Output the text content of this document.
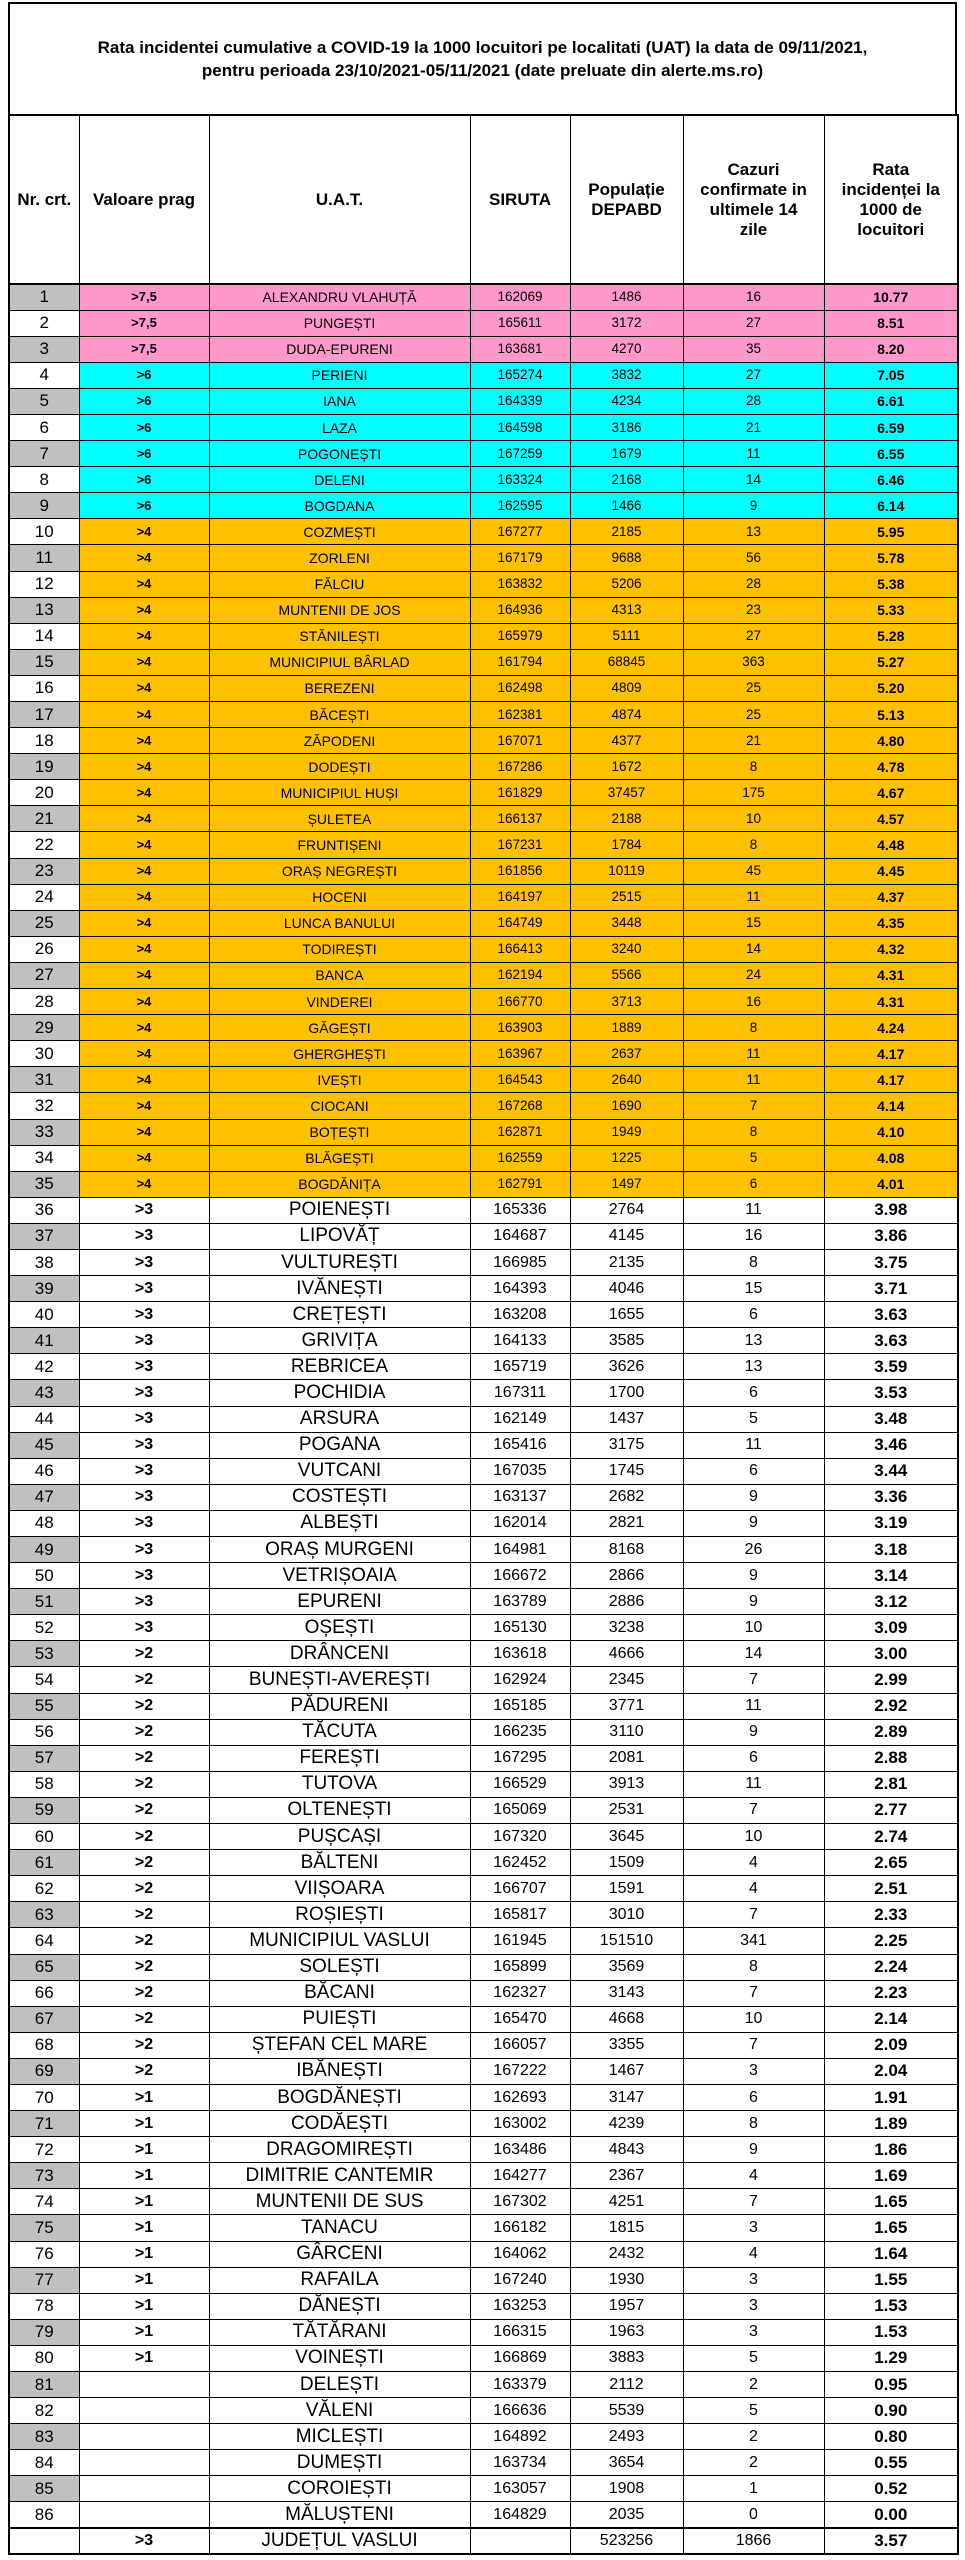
Rata incidentei cumulative a COVID-19 la 1000 locuitori pe localitati (UAT) la data de 09/11/2021,
pentru perioada 23/10/2021-05/11/2021 (date preluate din alerte.ms.ro)
Nr. crt.	Valoare prag	U.A.T.	SIRUTA	Populație
DEPABD	Cazuri
confirmate in
ultimele 14
zile	Rata
incidenței la
1000 de
locuitori
1	>7,5	ALEXANDRU VLAHUȚĂ	162069	1486	16	10.77
2	>7,5	PUNGEȘTI	165611	3172	27	8.51
3	>7,5	DUDA-EPURENI	163681	4270	35	8.20
4	>6	PERIENI	165274	3832	27	7.05
5	>6	IANA	164339	4234	28	6.61
6	>6	LAZA	164598	3186	21	6.59
7	>6	POGONEȘTI	167259	1679	11	6.55
8	>6	DELENI	163324	2168	14	6.46
9	>6	BOGDANA	162595	1466	9	6.14
10	>4	COZMEȘTI	167277	2185	13	5.95
11	>4	ZORLENI	167179	9688	56	5.78
12	>4	FĂLCIU	163832	5206	28	5.38
13	>4	MUNTENII DE JOS	164936	4313	23	5.33
14	>4	STĂNILEȘTI	165979	5111	27	5.28
15	>4	MUNICIPIUL BÂRLAD	161794	68845	363	5.27
16	>4	BEREZENI	162498	4809	25	5.20
17	>4	BĂCEȘTI	162381	4874	25	5.13
18	>4	ZĂPODENI	167071	4377	21	4.80
19	>4	DODEȘTI	167286	1672	8	4.78
20	>4	MUNICIPIUL HUȘI	161829	37457	175	4.67
21	>4	ȘULETEA	166137	2188	10	4.57
22	>4	FRUNTIȘENI	167231	1784	8	4.48
23	>4	ORAȘ NEGREȘTI	161856	10119	45	4.45
24	>4	HOCENI	164197	2515	11	4.37
25	>4	LUNCA BANULUI	164749	3448	15	4.35
26	>4	TODIREȘTI	166413	3240	14	4.32
27	>4	BANCA	162194	5566	24	4.31
28	>4	VINDEREI	166770	3713	16	4.31
29	>4	GĂGEȘTI	163903	1889	8	4.24
30	>4	GHERGHEȘTI	163967	2637	11	4.17
31	>4	IVEȘTI	164543	2640	11	4.17
32	>4	CIOCANI	167268	1690	7	4.14
33	>4	BOȚEȘTI	162871	1949	8	4.10
34	>4	BLĂGEȘTI	162559	1225	5	4.08
35	>4	BOGDĂNIȚA	162791	1497	6	4.01
36	>3	POIENEȘTI	165336	2764	11	3.98
37	>3	LIPOVĂȚ	164687	4145	16	3.86
38	>3	VULTUREȘTI	166985	2135	8	3.75
39	>3	IVĂNEȘTI	164393	4046	15	3.71
40	>3	CREȚEȘTI	163208	1655	6	3.63
41	>3	GRIVIȚA	164133	3585	13	3.63
42	>3	REBRICEA	165719	3626	13	3.59
43	>3	POCHIDIA	167311	1700	6	3.53
44	>3	ARSURA	162149	1437	5	3.48
45	>3	POGANA	165416	3175	11	3.46
46	>3	VUTCANI	167035	1745	6	3.44
47	>3	COSTEȘTI	163137	2682	9	3.36
48	>3	ALBEȘTI	162014	2821	9	3.19
49	>3	ORAȘ MURGENI	164981	8168	26	3.18
50	>3	VETRIȘOAIA	166672	2866	9	3.14
51	>3	EPURENI	163789	2886	9	3.12
52	>3	OȘEȘTI	165130	3238	10	3.09
53	>2	DRÂNCENI	163618	4666	14	3.00
54	>2	BUNEȘTI-AVEREȘTI	162924	2345	7	2.99
55	>2	PĂDURENI	165185	3771	11	2.92
56	>2	TĂCUTA	166235	3110	9	2.89
57	>2	FEREȘTI	167295	2081	6	2.88
58	>2	TUTOVA	166529	3913	11	2.81
59	>2	OLTENEȘTI	165069	2531	7	2.77
60	>2	PUȘCAȘI	167320	3645	10	2.74
61	>2	BĂLTENI	162452	1509	4	2.65
62	>2	VIIȘOARA	166707	1591	4	2.51
63	>2	ROȘIEȘTI	165817	3010	7	2.33
64	>2	MUNICIPIUL VASLUI	161945	151510	341	2.25
65	>2	SOLEȘTI	165899	3569	8	2.24
66	>2	BĂCANI	162327	3143	7	2.23
67	>2	PUIEȘTI	165470	4668	10	2.14
68	>2	ȘTEFAN CEL MARE	166057	3355	7	2.09
69	>2	IBĂNEȘTI	167222	1467	3	2.04
70	>1	BOGDĂNEȘTI	162693	3147	6	1.91
71	>1	CODĂEȘTI	163002	4239	8	1.89
72	>1	DRAGOMIREȘTI	163486	4843	9	1.86
73	>1	DIMITRIE CANTEMIR	164277	2367	4	1.69
74	>1	MUNTENII DE SUS	167302	4251	7	1.65
75	>1	TANACU	166182	1815	3	1.65
76	>1	GÂRCENI	164062	2432	4	1.64
77	>1	RAFAILA	167240	1930	3	1.55
78	>1	DĂNEȘTI	163253	1957	3	1.53
79	>1	TĂTĂRANI	166315	1963	3	1.53
80	>1	VOINEȘTI	166869	3883	5	1.29
81		DELEȘTI	163379	2112	2	0.95
82		VĂLENI	166636	5539	5	0.90
83		MICLEȘTI	164892	2493	2	0.80
84		DUMEȘTI	163734	3654	2	0.55
85		COROIEȘTI	163057	1908	1	0.52
86		MĂLUȘTENI	164829	2035	0	0.00
	>3	JUDEȚUL VASLUI		523256	1866	3.57
